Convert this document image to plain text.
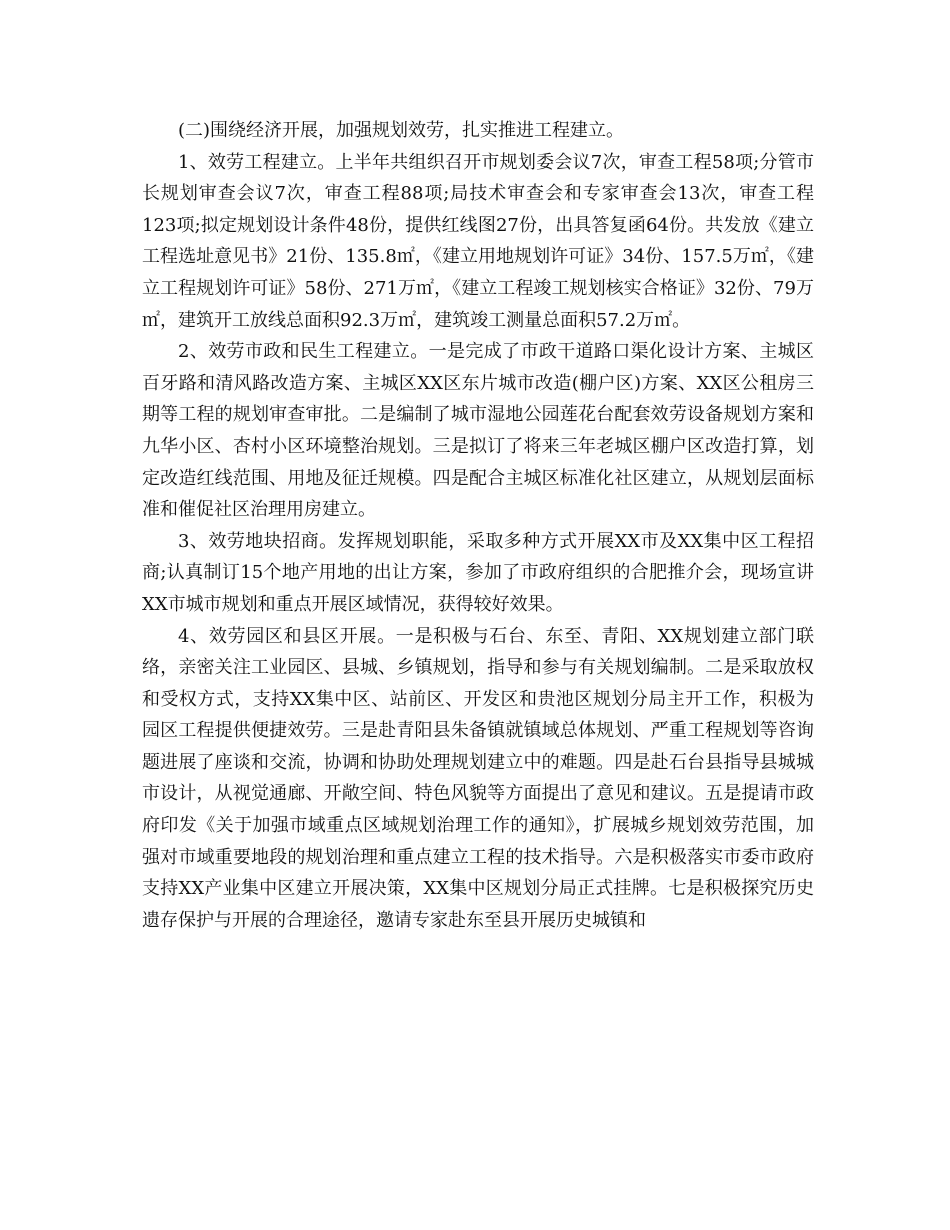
(二)围绕经济开展，加强规划效劳，扎实推进工程建立。

1、效劳工程建立。上半年共组织召开市规划委会议7次，审查工程58项;分管市长规划审查会议7次，审查工程88项;局技术审查会和专家审查会13次，审查工程123项;拟定规划设计条件48份，提供红线图27份，出具答复函64份。共发放《建立工程选址意见书》21份、135.8㎡，《建立用地规划许可证》34份、157.5万㎡，《建立工程规划许可证》58份、271万㎡，《建立工程竣工规划核实合格证》32份、79万㎡，建筑开工放线总面积92.3万㎡，建筑竣工测量总面积57.2万㎡。

2、效劳市政和民生工程建立。一是完成了市政干道路口渠化设计方案、主城区百牙路和清风路改造方案、主城区XX区东片城市改造(棚户区)方案、XX区公租房三期等工程的规划审查审批。二是编制了城市湿地公园莲花台配套效劳设备规划方案和九华小区、杏村小区环境整治规划。三是拟订了将来三年老城区棚户区改造打算，划定改造红线范围、用地及征迁规模。四是配合主城区标准化社区建立，从规划层面标准和催促社区治理用房建立。

3、效劳地块招商。发挥规划职能，采取多种方式开展XX市及XX集中区工程招商;认真制订15个地产用地的出让方案，参加了市政府组织的合肥推介会，现场宣讲XX市城市规划和重点开展区域情况，获得较好效果。

4、效劳园区和县区开展。一是积极与石台、东至、青阳、XX规划建立部门联络，亲密关注工业园区、县城、乡镇规划，指导和参与有关规划编制。二是采取放权和受权方式，支持XX集中区、站前区、开发区和贵池区规划分局主开工作，积极为园区工程提供便捷效劳。三是赴青阳县朱备镇就镇域总体规划、严重工程规划等咨询题进展了座谈和交流，协调和协助处理规划建立中的难题。四是赴石台县指导县城城市设计，从视觉通廊、开敞空间、特色风貌等方面提出了意见和建议。五是提请市政府印发《关于加强市域重点区域规划治理工作的通知》，扩展城乡规划效劳范围，加强对市域重要地段的规划治理和重点建立工程的技术指导。六是积极落实市委市政府支持XX产业集中区建立开展决策，XX集中区规划分局正式挂牌。七是积极探究历史遗存保护与开展的合理途径，邀请专家赴东至县开展历史城镇和
